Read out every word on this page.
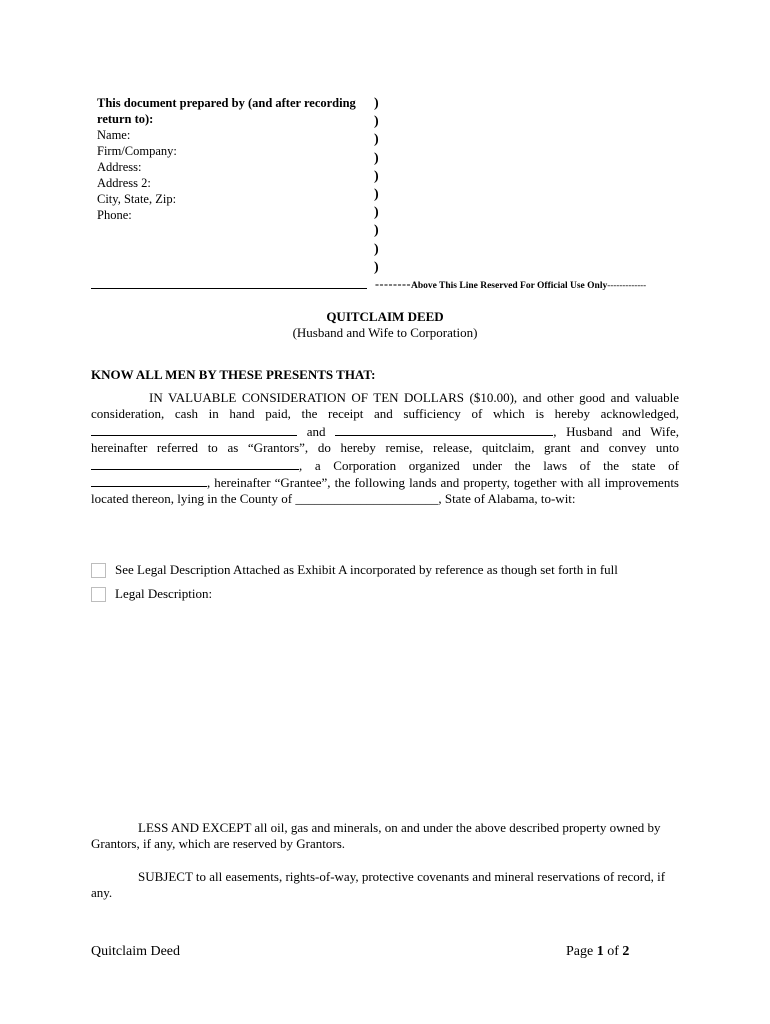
This document prepared by (and after recording return to):
Name:
Firm/Company:
Address:
Address 2:
City, State, Zip:
Phone:
)
)
)
)
)
)
)
)
)
)
--------Above This Line Reserved For Official Use Only-------------
QUITCLAIM DEED
(Husband and Wife to Corporation)
KNOW ALL MEN BY THESE PRESENTS THAT:
IN VALUABLE CONSIDERATION OF TEN DOLLARS ($10.00), and other good and valuable consideration, cash in hand paid, the receipt and sufficiency of which is hereby acknowledged,  and	, Husband and Wife, hereinafter referred to as “Grantors”, do hereby remise, release, quitclaim, grant and convey unto , a Corporation organized under the laws of the state of , hereinafter “Grantee”, the following lands and property, together with all improvements located thereon, lying in the County of ______________________, State of Alabama, to-wit:
See Legal Description Attached as Exhibit A incorporated by reference as though set forth in full
Legal Description:
LESS AND EXCEPT all oil, gas and minerals, on and under the above described property owned by Grantors, if any, which are reserved by Grantors.
SUBJECT to all easements, rights-of-way, protective covenants and mineral reservations of record, if any.
Quitclaim Deed	Page 1 of 2
